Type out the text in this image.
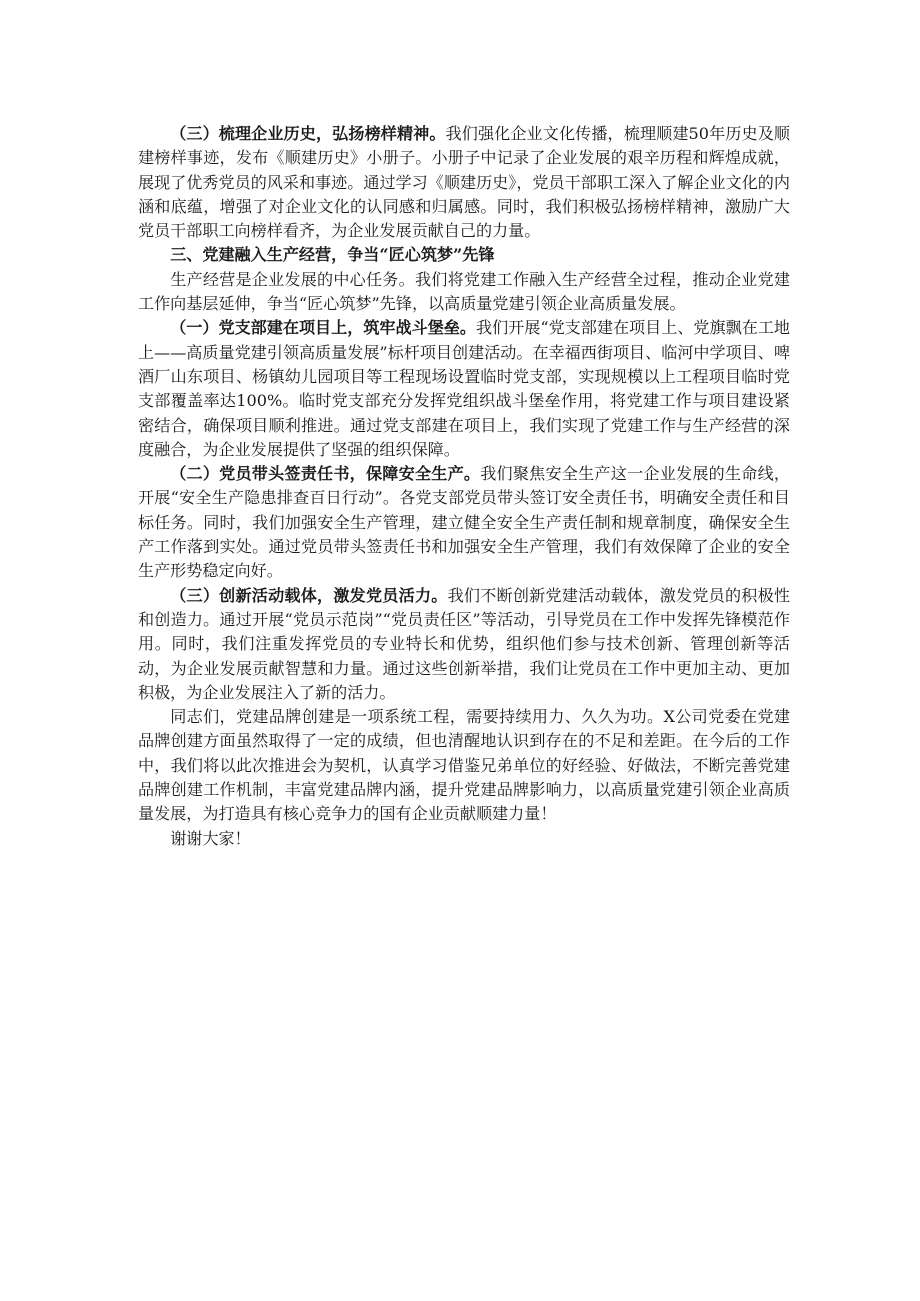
（三）梳理企业历史，弘扬榜样精神。我们强化企业文化传播，梳理顺建50年历史及顺建榜样事迹，发布《顺建历史》小册子。小册子中记录了企业发展的艰辛历程和辉煌成就，展现了优秀党员的风采和事迹。通过学习《顺建历史》，党员干部职工深入了解企业文化的内涵和底蕴，增强了对企业文化的认同感和归属感。同时，我们积极弘扬榜样精神，激励广大党员干部职工向榜样看齐，为企业发展贡献自己的力量。

三、党建融入生产经营，争当“匠心筑梦”先锋

生产经营是企业发展的中心任务。我们将党建工作融入生产经营全过程，推动企业党建工作向基层延伸，争当“匠心筑梦”先锋，以高质量党建引领企业高质量发展。

（一）党支部建在项目上，筑牢战斗堡垒。我们开展“党支部建在项目上、党旗飘在工地上——高质量党建引领高质量发展”标杆项目创建活动。在幸福西街项目、临河中学项目、啤酒厂山东项目、杨镇幼儿园项目等工程现场设置临时党支部，实现规模以上工程项目临时党支部覆盖率达100%。临时党支部充分发挥党组织战斗堡垒作用，将党建工作与项目建设紧密结合，确保项目顺利推进。通过党支部建在项目上，我们实现了党建工作与生产经营的深度融合，为企业发展提供了坚强的组织保障。

（二）党员带头签责任书，保障安全生产。我们聚焦安全生产这一企业发展的生命线，开展“安全生产隐患排查百日行动”。各党支部党员带头签订安全责任书，明确安全责任和目标任务。同时，我们加强安全生产管理，建立健全安全生产责任制和规章制度，确保安全生产工作落到实处。通过党员带头签责任书和加强安全生产管理，我们有效保障了企业的安全生产形势稳定向好。

（三）创新活动载体，激发党员活力。我们不断创新党建活动载体，激发党员的积极性和创造力。通过开展“党员示范岗”“党员责任区”等活动，引导党员在工作中发挥先锋模范作用。同时，我们注重发挥党员的专业特长和优势，组织他们参与技术创新、管理创新等活动，为企业发展贡献智慧和力量。通过这些创新举措，我们让党员在工作中更加主动、更加积极，为企业发展注入了新的活力。

同志们，党建品牌创建是一项系统工程，需要持续用力、久久为功。X公司党委在党建品牌创建方面虽然取得了一定的成绩，但也清醒地认识到存在的不足和差距。在今后的工作中，我们将以此次推进会为契机，认真学习借鉴兄弟单位的好经验、好做法，不断完善党建品牌创建工作机制，丰富党建品牌内涵，提升党建品牌影响力，以高质量党建引领企业高质量发展，为打造具有核心竞争力的国有企业贡献顺建力量！

谢谢大家！
